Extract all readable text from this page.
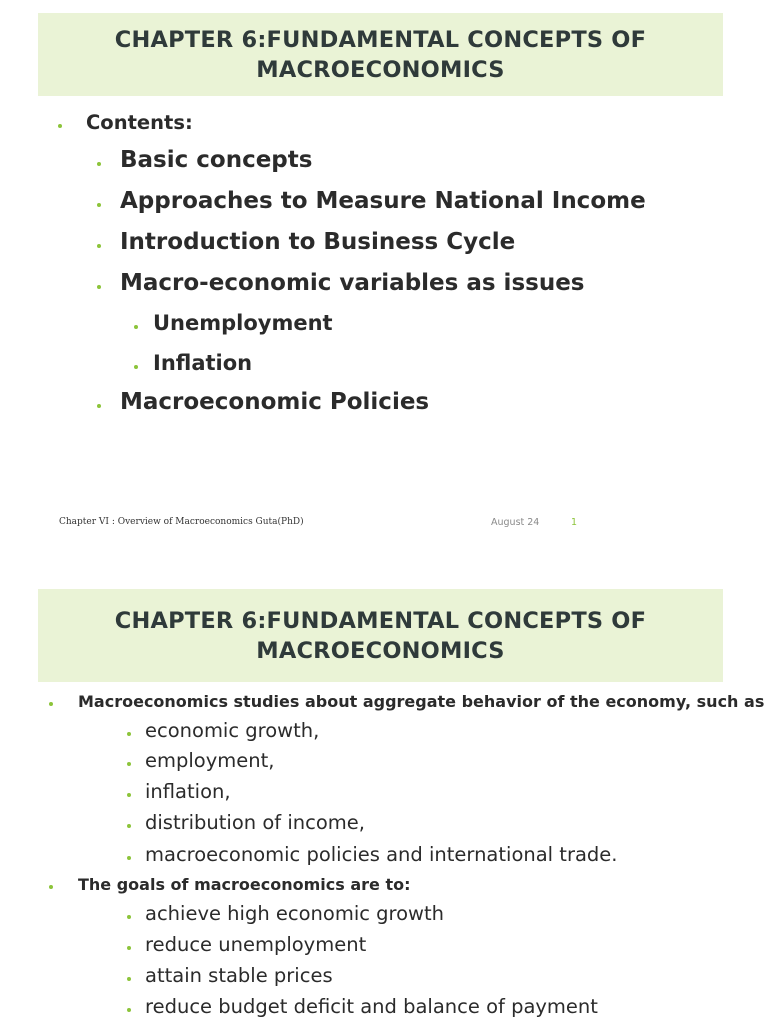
CHAPTER 6:FUNDAMENTAL CONCEPTS OF
MACROECONOMICS
Contents:
Basic concepts
Approaches to Measure National Income
Introduction to Business Cycle
Macro-economic variables as issues
Unemployment
Inflation
Macroeconomic Policies
Chapter VI : Overview of Macroeconomics Guta(PhD)	August 24	1
CHAPTER 6:FUNDAMENTAL CONCEPTS OF
MACROECONOMICS
Macroeconomics studies about aggregate behavior of the economy, such as
economic growth,
employment,
inflation,
distribution of income,
macroeconomic policies and international trade.
The goals of macroeconomics are to:
achieve high economic growth
reduce unemployment
attain stable prices
reduce budget deficit and balance of payment
